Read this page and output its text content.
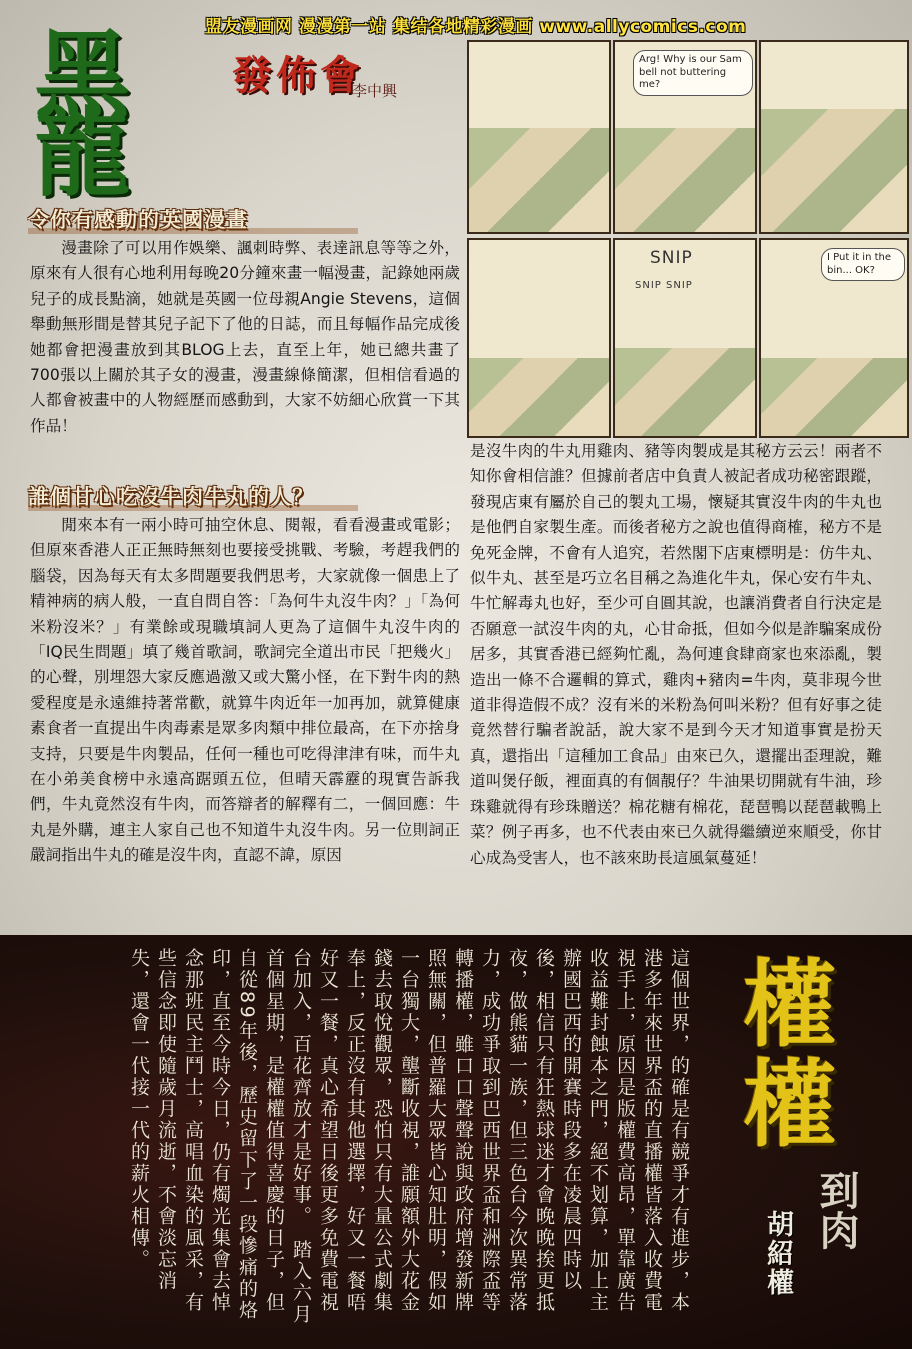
盟友漫画网 漫漫第一站 集结各地精彩漫画 www.allycomics.com
黑龍	發佈會
李中興
Arg! Why is our Sam bell not buttering me?
SNIP
SNIP SNIP
I Put it in the bin... OK?
令你有感動的英國漫畫

漫畫除了可以用作娛樂、諷刺時弊、表達訊息等等之外，原來有人很有心地利用每晚20分鐘來畫一幅漫畫，記錄她兩歲兒子的成長點滴，她就是英國一位母親Angie Stevens，這個舉動無形間是替其兒子記下了他的日誌，而且每幅作品完成後她都會把漫畫放到其BLOG上去，直至上年，她已總共畫了700張以上關於其子女的漫畫，漫畫線條簡潔，但相信看過的人都會被畫中的人物經歷而感動到，大家不妨細心欣賞一下其作品！

誰個甘心吃沒牛肉牛丸的人？

閒來本有一兩小時可抽空休息、閱報，看看漫畫或電影；但原來香港人正正無時無刻也要接受挑戰、考驗，考趕我們的腦袋，因為每天有太多問題要我們思考，大家就像一個患上了精神病的病人般，一直自問自答：「為何牛丸沒牛肉？」「為何米粉沒米？」有業餘或現職填詞人更為了這個牛丸沒牛肉的「IQ民生問題」填了幾首歌詞，歌詞完全道出市民「把幾火」的心聲，別埋怨大家反應過激又或大驚小怪，在下對牛肉的熱愛程度是永遠維持著常歡，就算牛肉近年一加再加，就算健康素食者一直提出牛肉毒素是眾多肉類中排位最高，在下亦捨身支持，只要是牛肉製品，任何一種也可吃得津津有味，而牛丸在小弟美食榜中永遠高踞頭五位，但晴天霹靂的現實告訴我們，牛丸竟然沒有牛肉，而答辯者的解釋有二，一個回應：牛丸是外購，連主人家自己也不知道牛丸沒牛肉。另一位則詞正嚴詞指出牛丸的確是沒牛肉，直認不諱，原因

是沒牛肉的牛丸用雞肉、豬等肉製成是其秘方云云！兩者不知你會相信誰？但據前者店中負責人被記者成功秘密跟蹤，發現店東有屬於自己的製丸工場，懷疑其實沒牛肉的牛丸也是他們自家製生產。而後者秘方之說也值得商榷，秘方不是免死金牌，不會有人追究，若然閣下店東標明是：仿牛丸、似牛丸、甚至是巧立名目稱之為進化牛丸，保心安冇牛丸、牛忙解毒丸也好，至少可自圓其說，也讓消費者自行決定是否願意一試沒牛肉的丸，心甘命抵，但如今似是詐騙案成份居多，其實香港已經夠忙亂，為何連食肆商家也來添亂，製造出一條不合邏輯的算式，雞肉+豬肉=牛肉，莫非現今世道非得造假不成？沒有米的米粉為何叫米粉？但有好事之徒竟然替行騙者說話，說大家不是到今天才知道事實是扮天真，還指出「這種加工食品」由來已久，還擺出歪理說，難道叫煲仔飯，裡面真的有個靚仔？牛油果切開就有牛油，珍珠雞就得有珍珠贈送？棉花糖有棉花，琵琶鴨以琵琶載鴨上菜？例子再多，也不代表由來已久就得繼續逆來順受，你甘心成為受害人，也不該來助長這風氣蔓延！

這個世界，的確是有競爭才有進步，本港多年來世界盃的直播權皆落入收費電視手上，原因是版權費高昂，單靠廣告收益難封蝕本之門，絕不划算，加上主辦國巴西的開賽時段多在凌晨四時以後，相信只有狂熱球迷才會晚晚挨更抵夜，做熊貓一族，但三色台今次異常落力，成功爭取到巴西世界盃和洲際盃等轉播權，雖口口聲聲說與政府增發新牌照無關，但普羅大眾皆心知肚明，假如一台獨大，壟斷收視，誰願額外大花金錢去取悅觀眾，恐怕只有大量公式劇集奉上，反正沒有其他選擇，好又一餐唔好又一餐，真心希望日後更多免費電視台加入，百花齊放才是好事。　踏入六月首個星期，是權權值得喜慶的日子，但自從89年後，歷史留下了一段慘痛的烙印，直至今時今日，仍有燭光集會去悼念那班民主鬥士，高唱血染的風采，有些信念即使隨歲月流逝，不會淡忘消失，還會一代接一代的薪火相傳。	權
權
到肉
胡紹權
